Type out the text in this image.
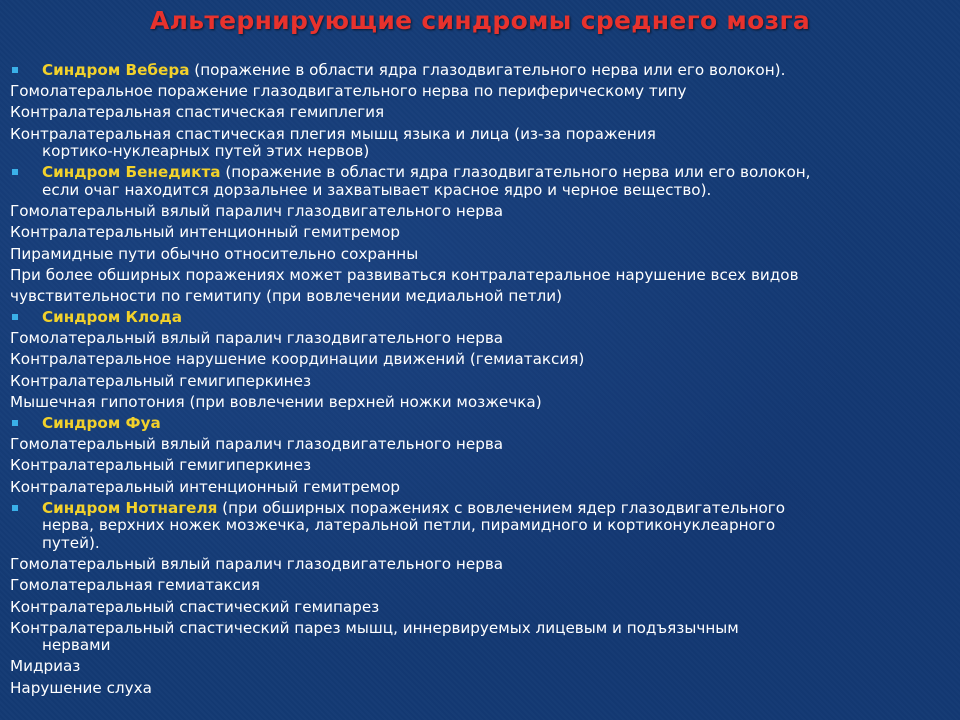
Альтернирующие синдромы среднего мозга
Синдром Вебера (поражение в области ядра глазодвигательного нерва или его волокон).
Гомолатеральное поражение глазодвигательного нерва по периферическому типу
Контралатеральная спастическая гемиплегия
Контралатеральная спастическая плегия мышц языка и лица (из-за поражения
кортико-нуклеарных путей этих нервов)
Синдром Бенедикта (поражение в области ядра глазодвигательного нерва или его волокон,
если очаг находится дорзальнее и захватывает красное ядро и черное вещество).
Гомолатеральный вялый паралич глазодвигательного нерва
Контралатеральный интенционный гемитремор
Пирамидные пути обычно относительно сохранны
При более обширных поражениях может развиваться контралатеральное нарушение всех видов
чувствительности по гемитипу (при вовлечении медиальной петли)
Синдром Клода
Гомолатеральный вялый паралич глазодвигательного нерва
Контралатеральное нарушение координации движений (гемиатаксия)
Контралатеральный гемигиперкинез
Мышечная гипотония (при вовлечении верхней ножки мозжечка)
Синдром Фуа
Гомолатеральный вялый паралич глазодвигательного нерва
Контралатеральный гемигиперкинез
Контралатеральный интенционный гемитремор
Синдром Нотнагеля (при обширных поражениях с вовлечением ядер глазодвигательного
нерва, верхних ножек мозжечка, латеральной петли, пирамидного и кортиконуклеарного
путей).
Гомолатеральный вялый паралич глазодвигательного нерва
Гомолатеральная гемиатаксия
Контралатеральный спастический гемипарез
Контралатеральный спастический парез мышц, иннервируемых лицевым и подъязычным
нервами
Мидриаз
Нарушение слуха
